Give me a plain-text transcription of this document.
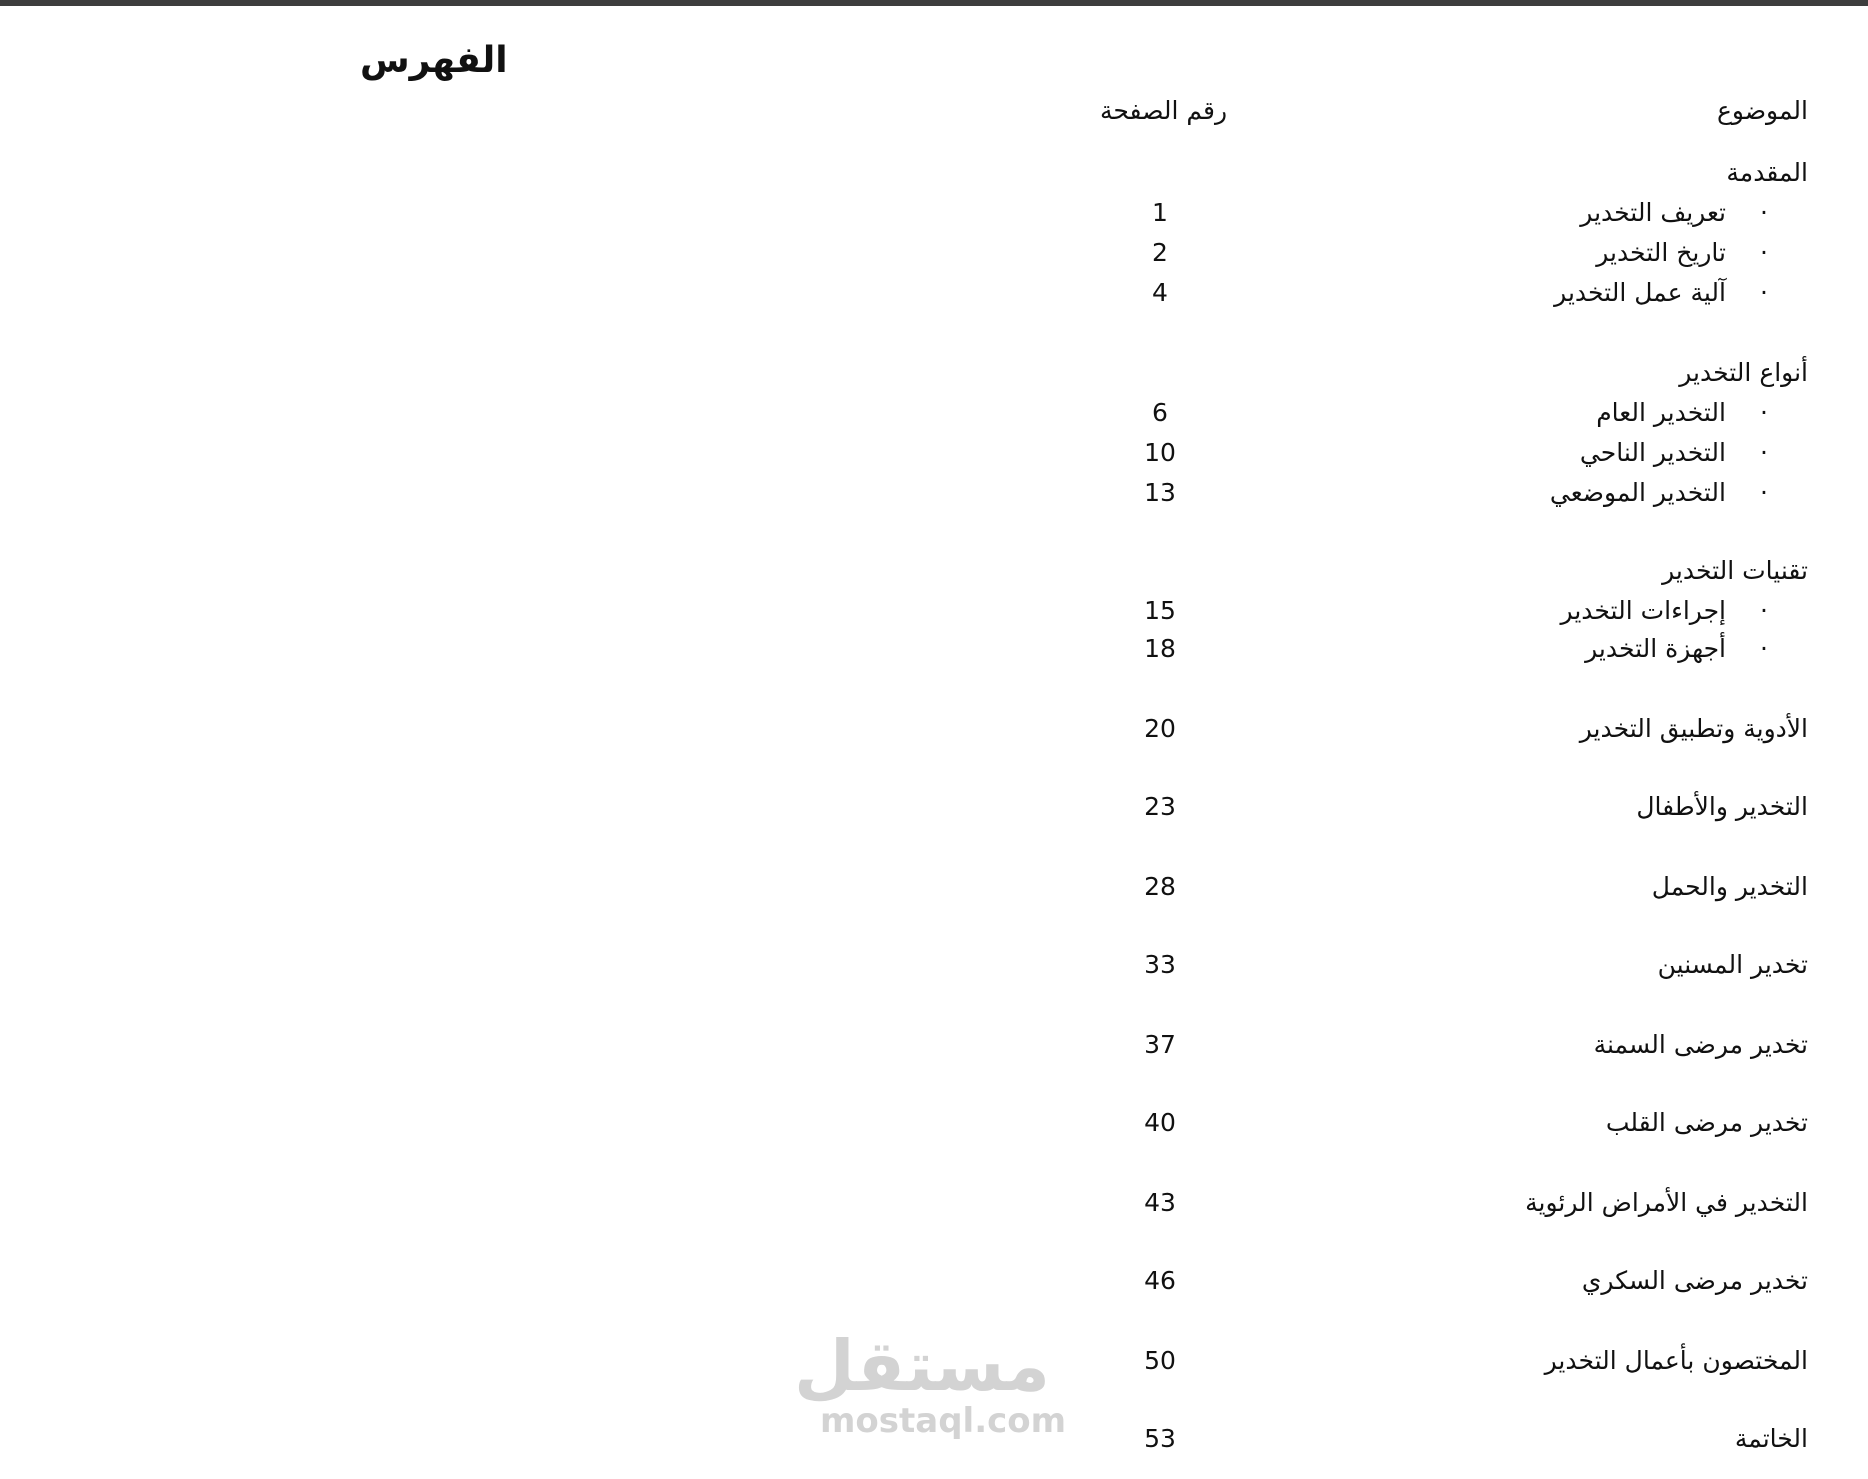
الفهرس
الموضوع
رقم الصفحة
المقدمة
·
تعريف التخدير
1
·
تاريخ التخدير
2
·
آلية عمل التخدير
4
أنواع التخدير
·
التخدير العام
6
·
التخدير الناحي
10
·
التخدير الموضعي
13
تقنيات التخدير
·
إجراءات التخدير
15
·
أجهزة التخدير
18
الأدوية وتطبيق التخدير
20
التخدير والأطفال
23
التخدير والحمل
28
تخدير المسنين
33
تخدير مرضى السمنة
37
تخدير مرضى القلب
40
التخدير في الأمراض الرئوية
43
تخدير مرضى السكري
46
المختصون بأعمال التخدير
50
الخاتمة
53
مستقل
mostaql.com
